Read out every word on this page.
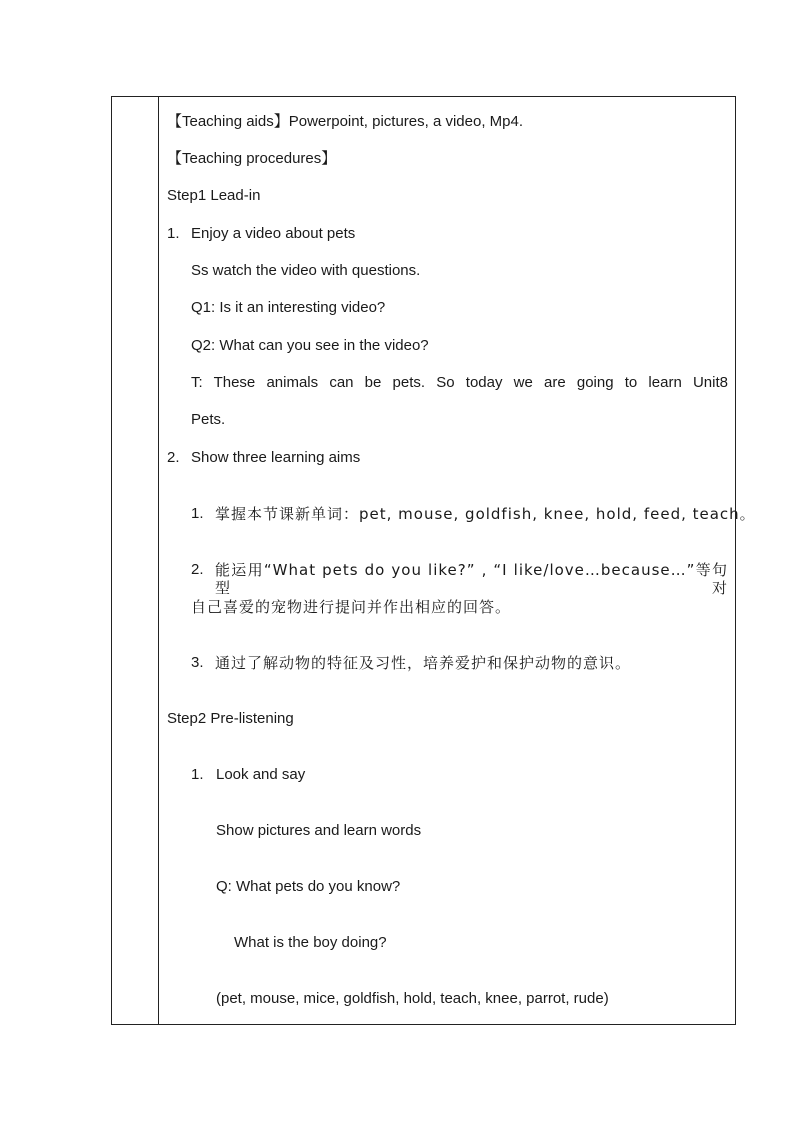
【Teaching aids】Powerpoint, pictures, a video, Mp4.
【Teaching procedures】
Step1 Lead-in
1. Enjoy a video about pets
Ss watch the video with questions.
Q1: Is it an interesting video?
Q2: What can you see in the video?
T: These animals can be pets. So today we are going to learn Unit8
Pets.
2. Show three learning aims
1. 掌握本节课新单词：pet, mouse, goldfish, knee, hold, feed, teach。
2. 能运用“What pets do you like?” , “I like/love…because…”等句型对
自己喜爱的宠物进行提问并作出相应的回答。
3. 通过了解动物的特征及习性，培养爱护和保护动物的意识。
Step2 Pre-listening
1. Look and say
Show pictures and learn words
Q: What pets do you know?
What is the boy doing?
(pet, mouse, mice, goldfish, hold, teach, knee, parrot, rude)
